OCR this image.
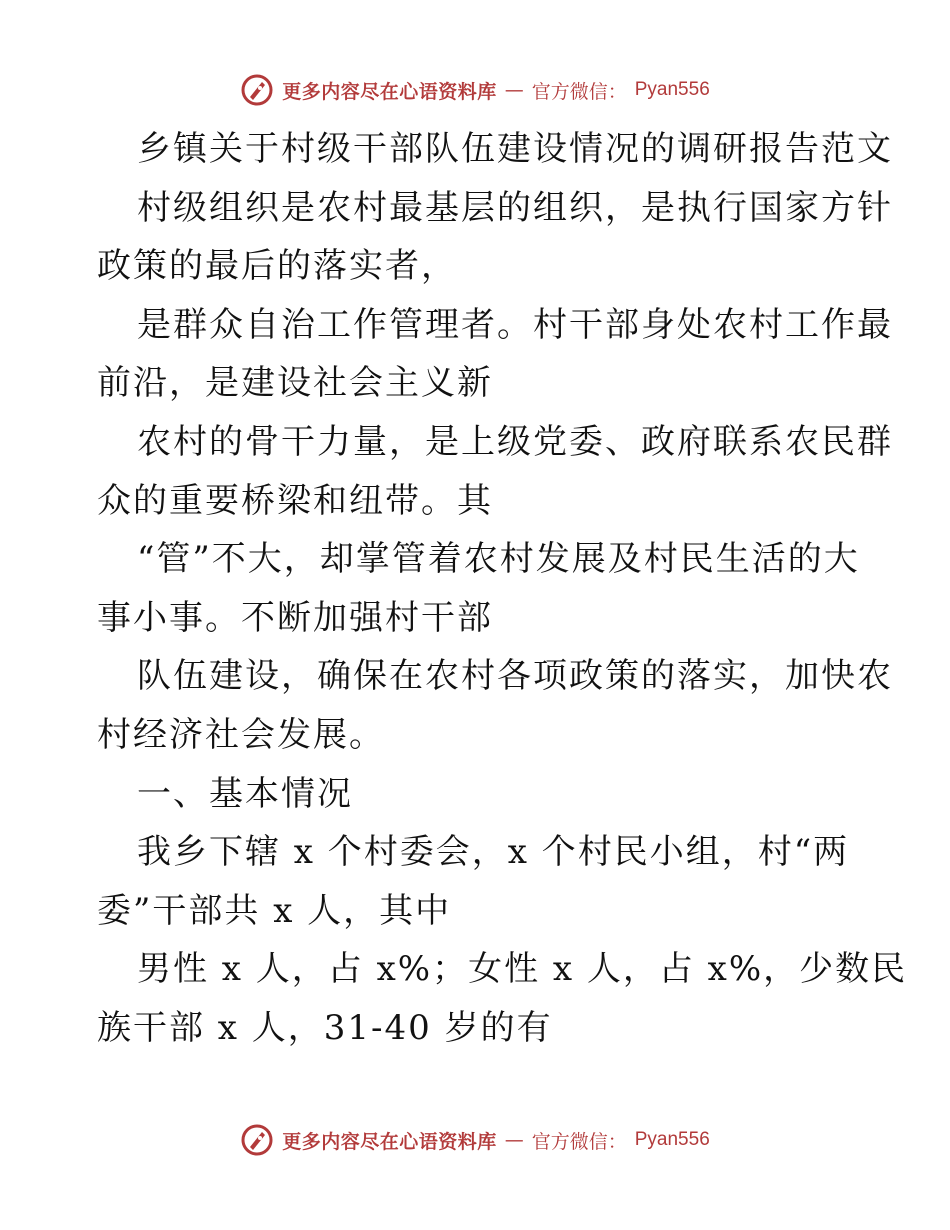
更多内容尽在心语资料库 — 官方微信： Pyan556
乡镇关于村级干部队伍建设情况的调研报告范文
村级组织是农村最基层的组织，是执行国家方针
政策的最后的落实者，
是群众自治工作管理者。村干部身处农村工作最
前沿，是建设社会主义新
农村的骨干力量，是上级党委、政府联系农民群
众的重要桥梁和纽带。其
“管”不大，却掌管着农村发展及村民生活的大
事小事。不断加强村干部
队伍建设，确保在农村各项政策的落实，加快农
村经济社会发展。
一、基本情况
我乡下辖 x 个村委会，x 个村民小组，村“两
委”干部共 x 人，其中
男性 x 人，占 x%；女性 x 人，占 x%，少数民
族干部 x 人，31-40 岁的有
更多内容尽在心语资料库 — 官方微信： Pyan556
